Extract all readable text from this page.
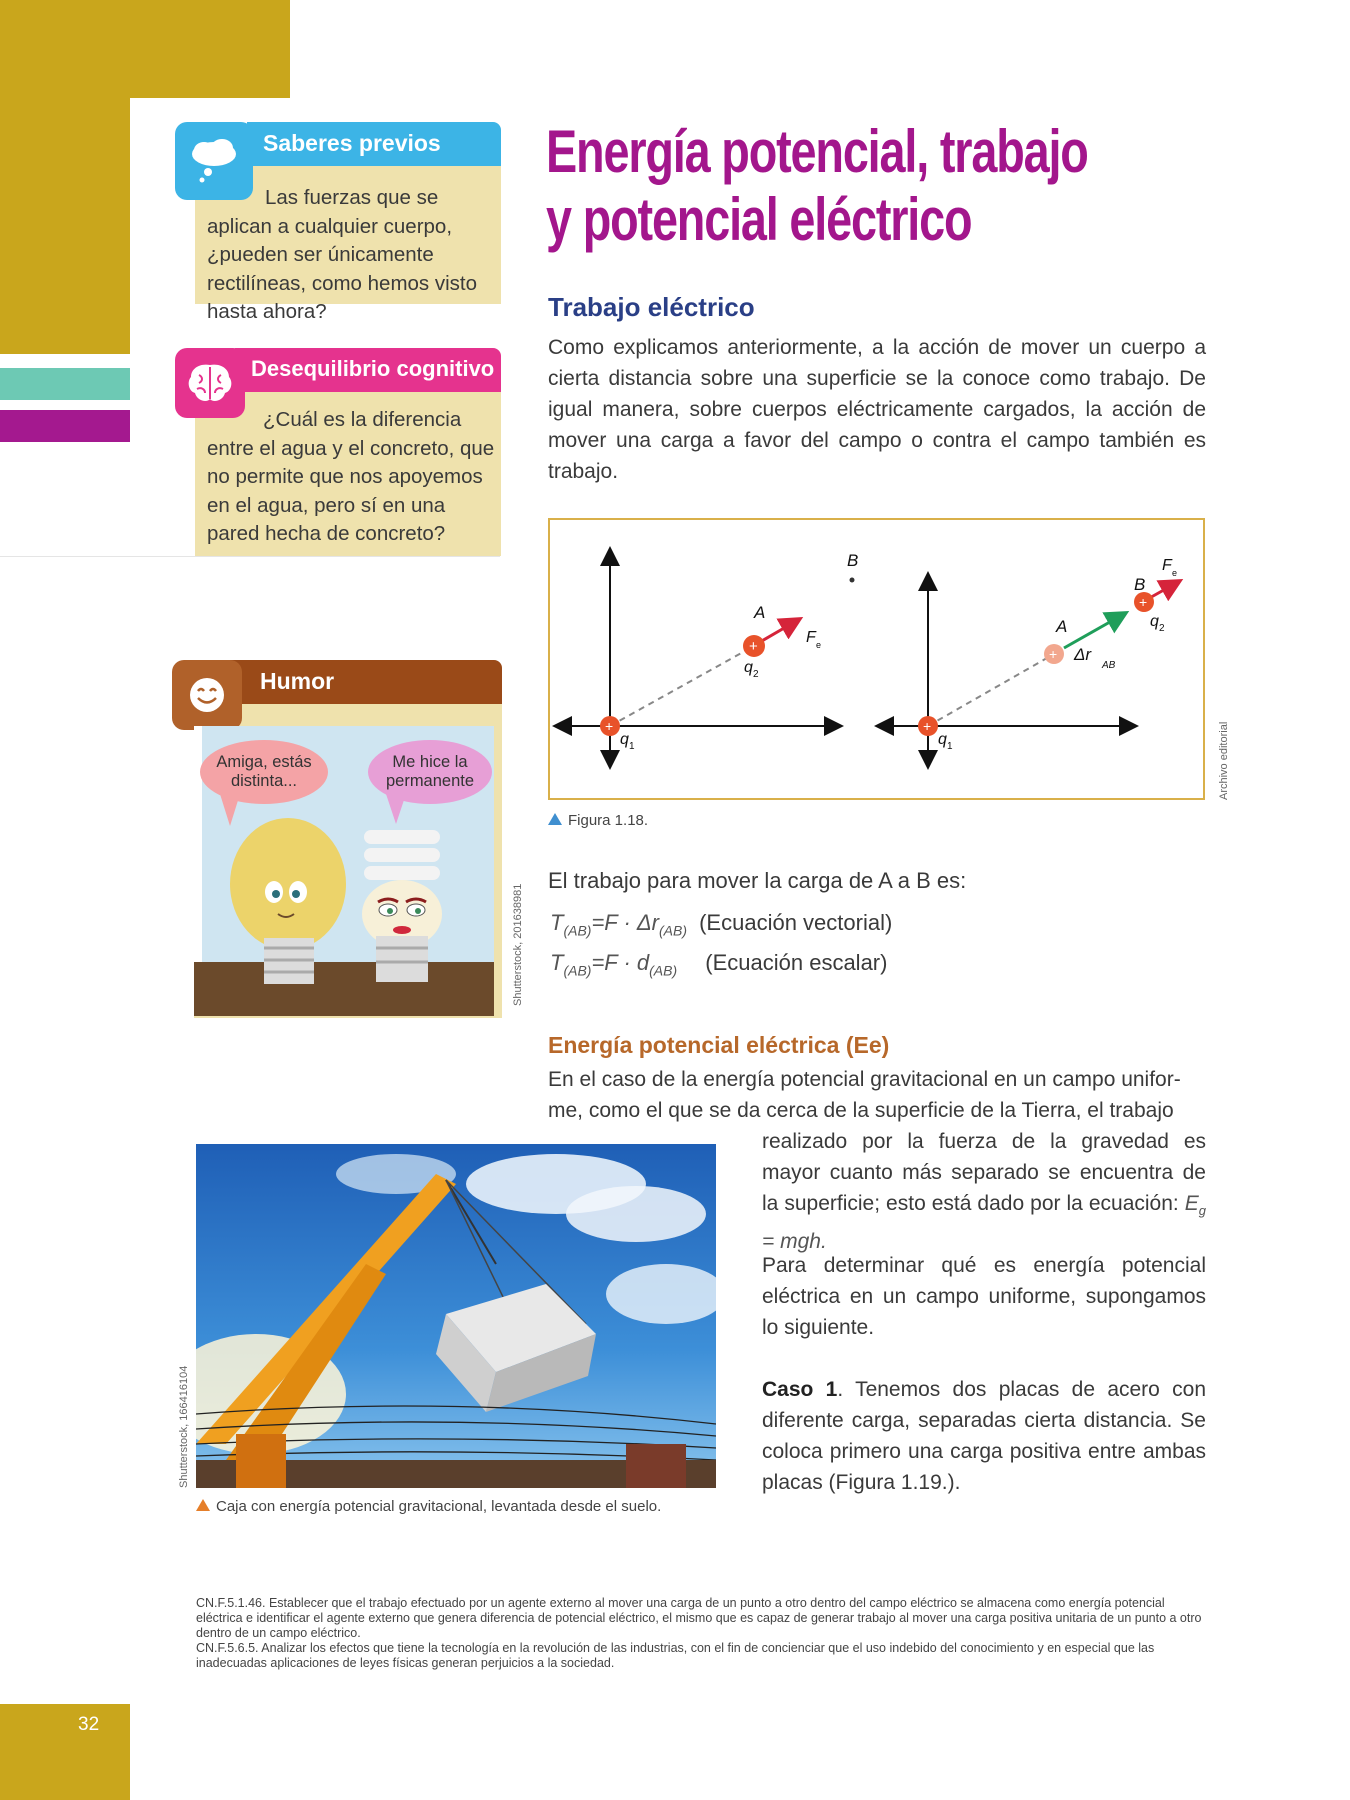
32
Saberes previos
Las fuerzas que se aplican a cualquier cuerpo, ¿pueden ser únicamente rectilíneas, como hemos visto hasta ahora?
Desequilibrio cognitivo
¿Cuál es la diferencia entre el agua y el concreto, que no permite que nos apoyemos en el agua, pero sí en una pared hecha de concreto?
Humor
Amiga, estás distinta...
Me hice la permanente
Shutterstock, 201638981
Energía potencial, trabajo
y potencial eléctrico
Trabajo eléctrico
Como explicamos anteriormente, a la acción de mover un cuerpo a cierta distancia sobre una superficie se la conoce como trabajo. De igual manera, sobre cuerpos eléctricamente cargados, la acción de mover una carga a favor del campo o contra el campo también es trabajo.
+
+
+
+
+
A
B
q 1
q 2
F e
A
B
q 1
q 2
F e
Δr
AB
Figura 1.18.
Archivo editorial
El trabajo para mover la carga de A a B es:
$T_{(AB)}=F \cdot \Delta r_{(AB)}$ (Ecuación vectorial)
$T_{(AB)}=F \cdot d_{(AB)}$ (Ecuación escalar)
Energía potencial eléctrica (Ee)
En el caso de la energía potencial gravitacional en un campo unifor-
me, como el que se da cerca de la superficie de la Tierra, el trabajo
realizado por la fuerza de la gravedad es mayor cuanto más separado se encuentra de la superficie; esto está dado por la ecuación: $E_g$ = mgh.
Para determinar qué es energía potencial eléctrica en un campo uniforme, supongamos lo siguiente.
Caso 1. Tenemos dos placas de acero con diferente carga, separadas cierta distancia. Se coloca primero una carga positiva entre ambas placas (Figura 1.19.).
Shutterstock, 166416104
Caja con energía potencial gravitacional, levantada desde el suelo.
CN.F.5.1.46. Establecer que el trabajo efectuado por un agente externo al mover una carga de un punto a otro dentro del campo eléctrico se almacena como energía potencial eléctrica e identificar el agente externo que genera diferencia de potencial eléctrico, el mismo que es capaz de generar trabajo al mover una carga positiva unitaria de un punto a otro dentro de un campo eléctrico.
CN.F.5.6.5. Analizar los efectos que tiene la tecnología en la revolución de las industrias, con el fin de concienciar que el uso indebido del conocimiento y en especial que las inadecuadas aplicaciones de leyes físicas generan perjuicios a la sociedad.
